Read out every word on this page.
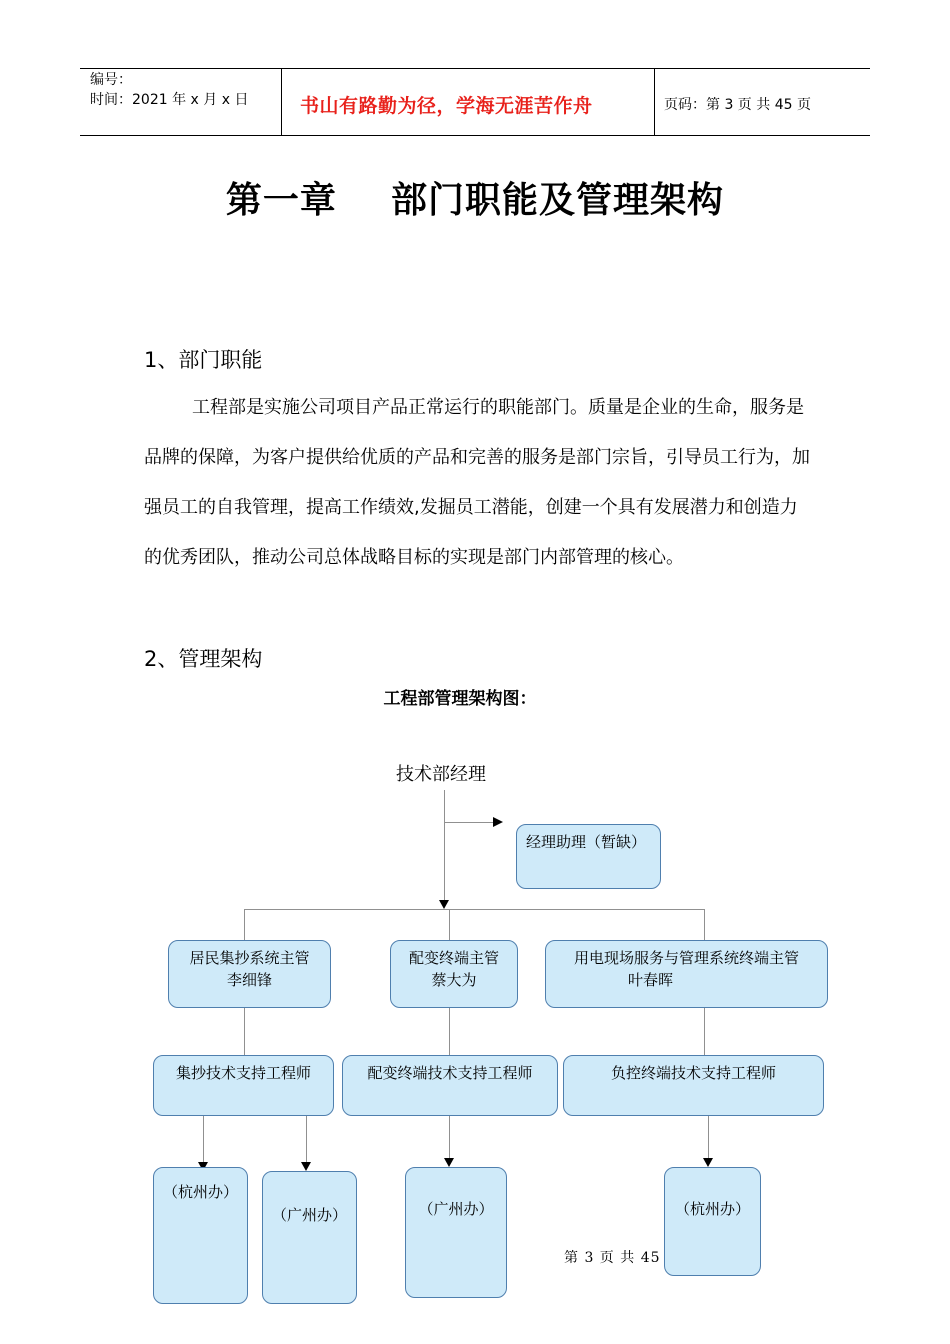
编号：
时间：2021 年 x 月 x 日	书山有路勤为径，学海无涯苦作舟	页码：第 3 页 共 45 页
第一章    部门职能及管理架构
1、部门职能

工程部是实施公司项目产品正常运行的职能部门。质量是企业的生命，服务是品牌的保障，为客户提供给优质的产品和完善的服务是部门宗旨，引导员工行为，加强员工的自我管理，提高工作绩效,发掘员工潜能，创建一个具有发展潜力和创造力的优秀团队，推动公司总体战略目标的实现是部门内部管理的核心。

2、管理架构
工程部管理架构图：
技术部经理
经理助理（暂缺）
居民集抄系统主管
李细锋
配变终端主管
蔡大为
用电现场服务与管理系统终端主管
叶春晖
集抄技术支持工程师	配变终端技术支持工程师	负控终端技术支持工程师
（杭州办）
（广州办）	（广州办）	（杭州办）
第 3 页 共 45
